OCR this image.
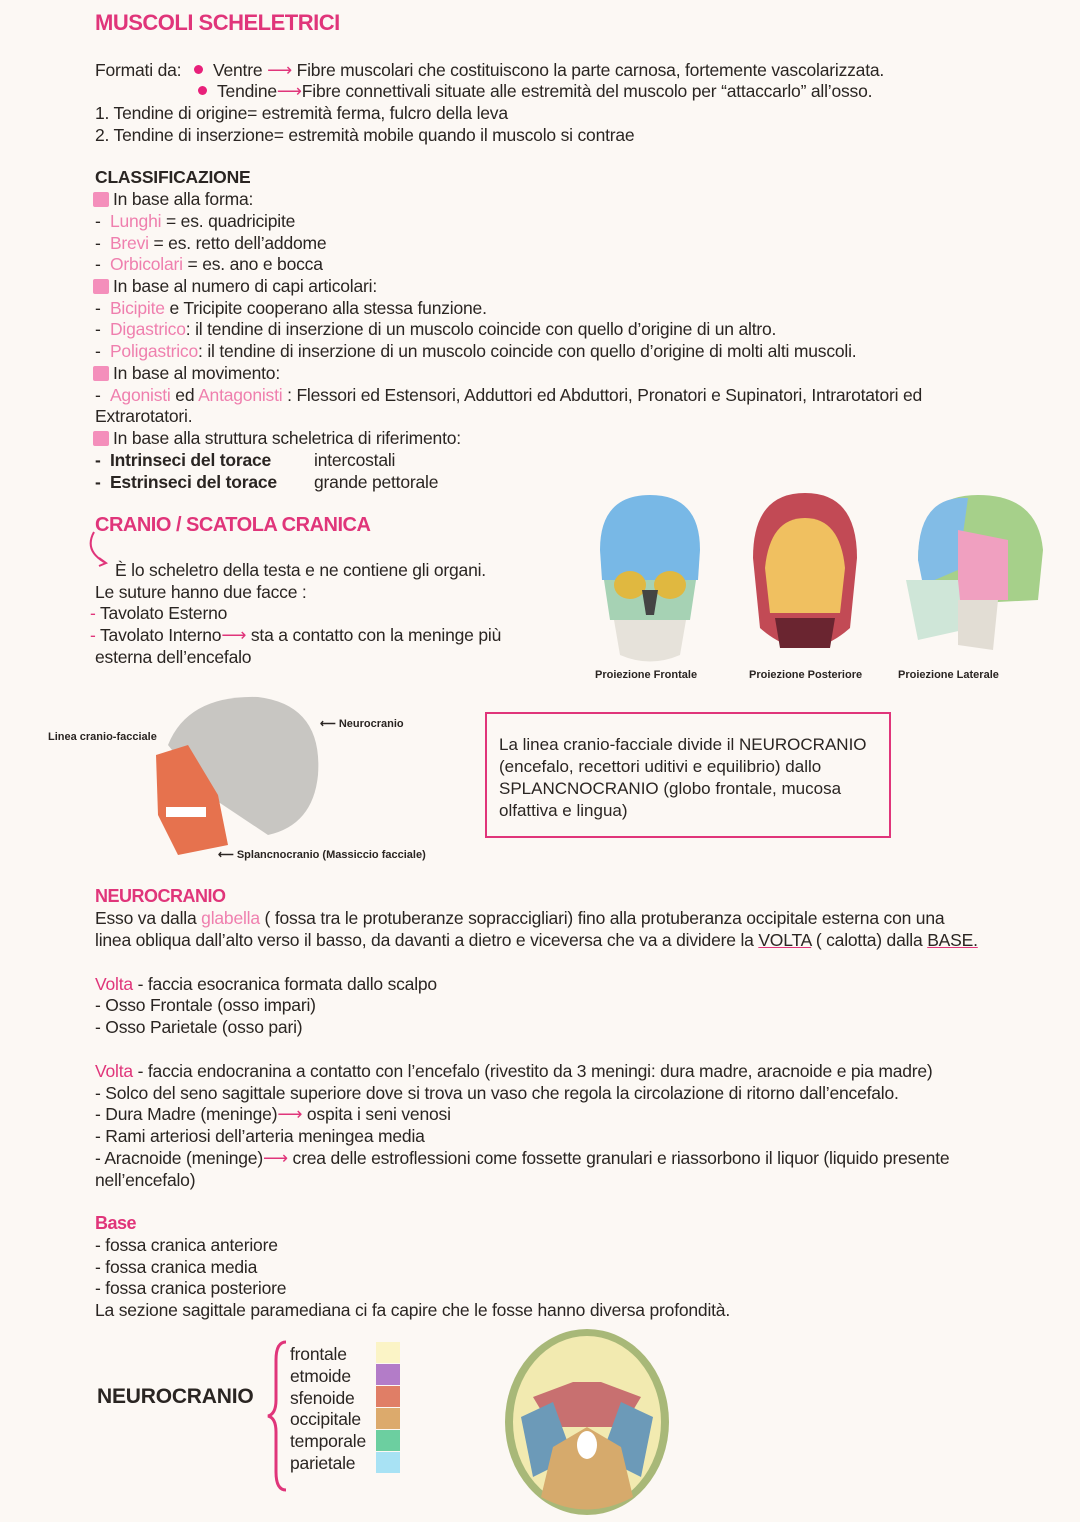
MUSCOLI SCHELETRICI
Formati da: Ventre ⟶ Fibre muscolari che costituiscono la parte carnosa, fortemente vascolarizzata.
Tendine⟶Fibre connettivali situate alle estremità del muscolo per “attaccarlo” all’osso.
1. Tendine di origine= estremità ferma, fulcro della leva
2. Tendine di inserzione= estremità mobile quando il muscolo si contrae
CLASSIFICAZIONE
In base alla forma:
-  Lunghi = es. quadricipite
-  Brevi = es. retto dell’addome
-  Orbicolari = es. ano e bocca
In base al numero di capi articolari:
-  Bicipite e Tricipite cooperano alla stessa funzione.
-  Digastrico: il tendine di inserzione di un muscolo coincide con quello d’origine di un altro.
-  Poligastrico: il tendine di inserzione di un muscolo coincide con quello d’origine di molti alti muscoli.
In base al movimento:
-  Agonisti ed Antagonisti : Flessori ed Estensori, Adduttori ed Abduttori, Pronatori e Supinatori, Intrarotatori ed
Extrarotatori.
In base alla struttura scheletrica di riferimento:
-  Intrinseci del torace intercostali
-  Estrinseci del torace grande pettorale
CRANIO / SCATOLA CRANICA
È lo scheletro della testa e ne contiene gli organi.
Le suture hanno due facce :
- Tavolato Esterno
- Tavolato Interno⟶ sta a contatto con la meninge più
esterna dell’encefalo
Proiezione Frontale	Proiezione Posteriore	Proiezione Laterale
Linea cranio-facciale
⟵ Neurocranio
⟵ Splancnocranio (Massiccio facciale)
La linea cranio-facciale divide il NEUROCRANIO
(encefalo, recettori uditivi e equilibrio) dallo
SPLANCNOCRANIO (globo frontale, mucosa
olfattiva e lingua)
NEUROCRANIO
Esso va dalla glabella ( fossa tra le protuberanze sopraccigliari) fino alla protuberanza occipitale esterna con una
linea obliqua dall’alto verso il basso, da davanti a dietro e viceversa che va a dividere la VOLTA ( calotta) dalla BASE.
Volta - faccia esocranica formata dallo scalpo
- Osso Frontale (osso impari)
- Osso Parietale (osso pari)
Volta - faccia endocranina a contatto con l’encefalo (rivestito da 3 meningi: dura madre, aracnoide e pia madre)
- Solco del seno sagittale superiore dove si trova un vaso che regola la circolazione di ritorno dall’encefalo.
- Dura Madre (meninge)⟶ ospita i seni venosi
- Rami arteriosi dell’arteria meningea media
- Aracnoide (meninge)⟶ crea delle estroflessioni come fossette granulari e riassorbono il liquor (liquido presente
nell’encefalo)
Base
- fossa cranica anteriore
- fossa cranica media
- fossa cranica posteriore
La sezione sagittale paramediana ci fa capire che le fosse hanno diversa profondità.
NEUROCRANIO
frontale
etmoide
sfenoide
occipitale
temporale
parietale
